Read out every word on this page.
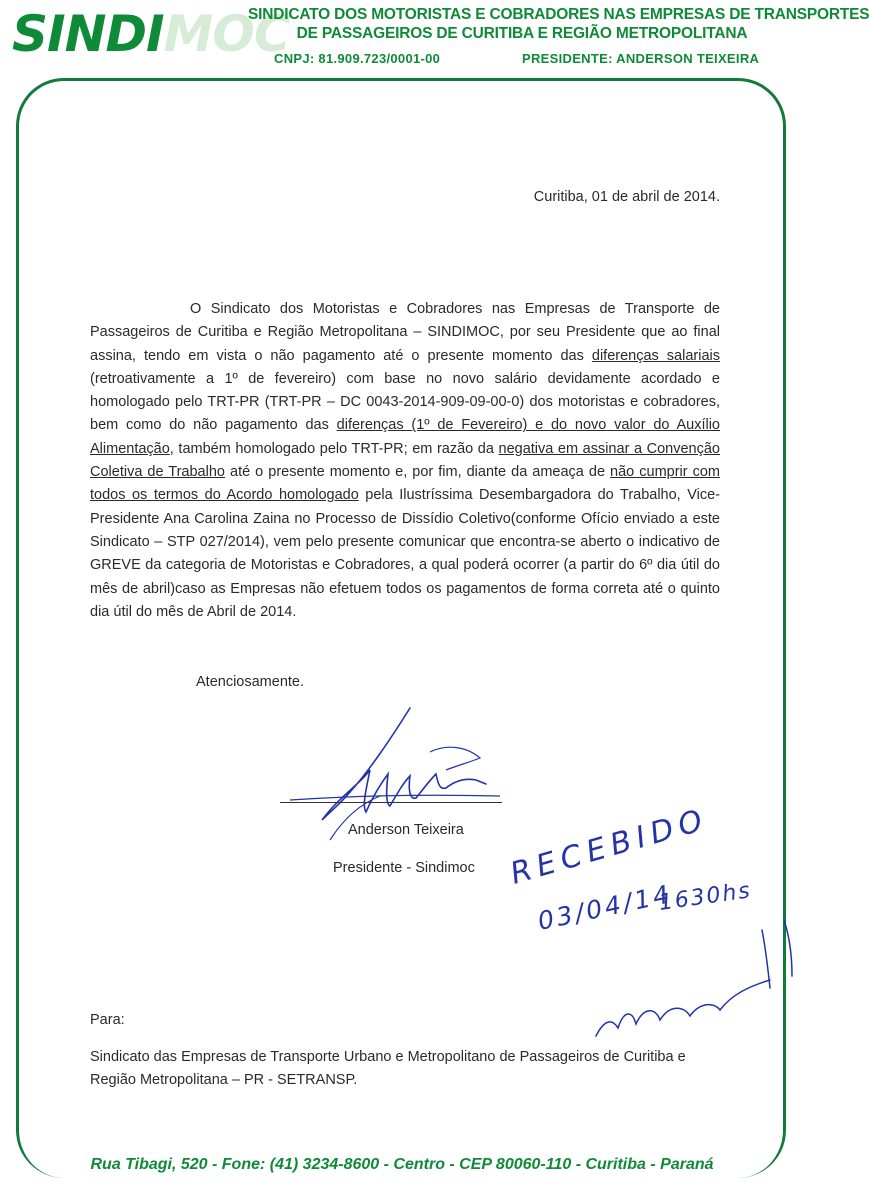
SINDIMOC
SINDICATO DOS MOTORISTAS E COBRADORES NAS EMPRESAS DE TRANSPORTES
DE PASSAGEIROS DE CURITIBA E REGIÃO METROPOLITANA
CNPJ: 81.909.723/0001-00	PRESIDENTE: ANDERSON TEIXEIRA
Curitiba, 01 de abril de 2014.
O Sindicato dos Motoristas e Cobradores nas Empresas de Transporte de Passageiros de Curitiba e Região Metropolitana – SINDIMOC, por seu Presidente que ao final assina, tendo em vista o não pagamento até o presente momento das diferenças salariais (retroativamente a 1º de fevereiro) com base no novo salário devidamente acordado e homologado pelo TRT-PR (TRT-PR – DC 0043-2014-909-09-00-0) dos motoristas e cobradores, bem como do não pagamento das diferenças (1º de Fevereiro) e do novo valor do Auxílio Alimentação, também homologado pelo TRT-PR; em razão da negativa em assinar a Convenção Coletiva de Trabalho até o presente momento e, por fim, diante da ameaça de não cumprir com todos os termos do Acordo homologado pela Ilustríssima Desembargadora do Trabalho, Vice-Presidente Ana Carolina Zaina no Processo de Dissídio Coletivo(conforme Ofício enviado a este Sindicato – STP 027/2014), vem pelo presente comunicar que encontra-se aberto o indicativo de GREVE da categoria de Motoristas e Cobradores, a qual poderá ocorrer (a partir do 6º dia útil do mês de abril)caso as Empresas não efetuem todos os pagamentos de forma correta até o quinto dia útil do mês de Abril de 2014.
Atenciosamente.
Anderson Teixeira
Presidente - Sindimoc RECEBIDO
03/04/14
1630hs
Para:
Sindicato das Empresas de Transporte Urbano e Metropolitano de Passageiros de Curitiba e Região Metropolitana – PR - SETRANSP.
Rua Tibagi, 520 - Fone: (41) 3234-8600 - Centro - CEP 80060-110 - Curitiba - Paraná
